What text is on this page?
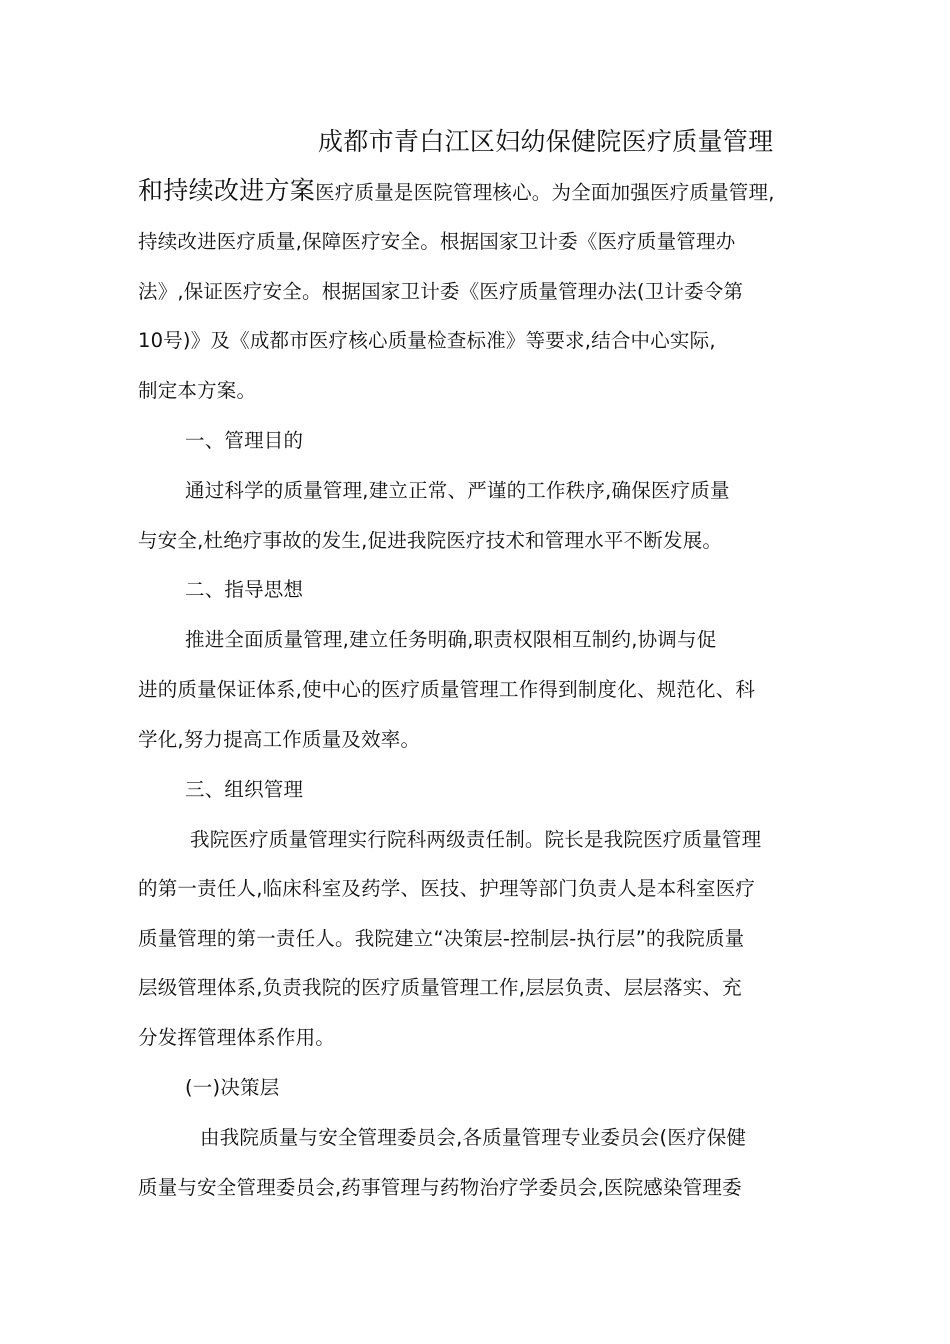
成都市青白江区妇幼保健院医疗质量管理
和持续改进方案医疗质量是医院管理核心。为全面加强医疗质量管理,
持续改进医疗质量,保障医疗安全。根据国家卫计委《医疗质量管理办
法》,保证医疗安全。根据国家卫计委《医疗质量管理办法(卫计委令第
10号)》及《成都市医疗核心质量检查标准》等要求,结合中心实际,
制定本方案。
一、管理目的
通过科学的质量管理,建立正常、严谨的工作秩序,确保医疗质量
与安全,杜绝疗事故的发生,促进我院医疗技术和管理水平不断发展。
二、指导思想
推进全面质量管理,建立任务明确,职责权限相互制约,协调与促
进的质量保证体系,使中心的医疗质量管理工作得到制度化、规范化、科
学化,努力提高工作质量及效率。
三、组织管理
我院医疗质量管理实行院科两级责任制。院长是我院医疗质量管理
的第一责任人,临床科室及药学、医技、护理等部门负责人是本科室医疗
质量管理的第一责任人。我院建立“决策层-控制层-执行层”的我院质量
层级管理体系,负责我院的医疗质量管理工作,层层负责、层层落实、充
分发挥管理体系作用。
(一)决策层
由我院质量与安全管理委员会,各质量管理专业委员会(医疗保健
质量与安全管理委员会,药事管理与药物治疗学委员会,医院感染管理委
